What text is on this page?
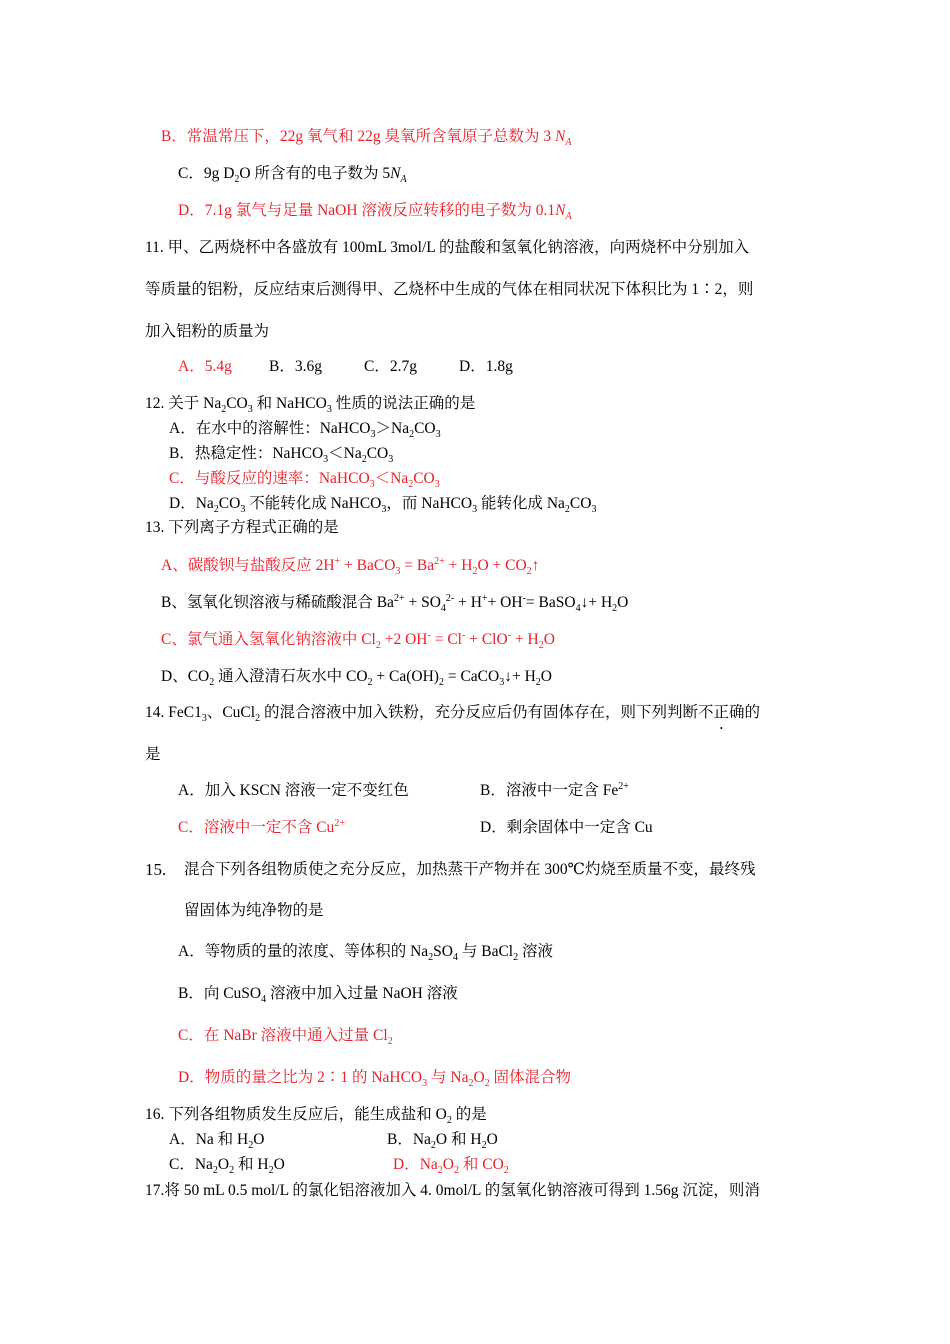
B．常温常压下，22g 氧气和 22g 臭氧所含氧原子总数为 3 $N_A$
C．9g $D_2O$ 所含有的电子数为 $5N_A$
D．7.1g 氯气与足量 NaOH 溶液反应转移的电子数为 $0.1N_A$
11. 甲、乙两烧杯中各盛放有 100mL 3mol/L 的盐酸和氢氧化钠溶液，向两烧杯中分别加入
等质量的铝粉，反应结束后测得甲、乙烧杯中生成的气体在相同状况下体积比为 1∶2，则
加入铝粉的质量为
A．5.4g B．3.6g	C．2.7g	D．1.8g
12. 关于 $Na_2CO_3$ 和 NaHCO$_3$ 性质的说法正确的是
A．在水中的溶解性：$NaHCO_3>Na_2CO_3$
B．热稳定性：$NaHCO_3<Na_2CO_3$
C．与酸反应的速率：$NaHCO_3<Na_2CO_3$
D．$Na_2CO_3$ 不能转化成 NaHCO$_3$，而 NaHCO$_3$ 能转化成 $Na_2CO_3$
13. 下列离子方程式正确的是
A、碳酸钡与盐酸反应 2H+ + BaCO$_3$ = $Ba^{2+} + H_2O$ + $CO_2↑$
B、氢氧化钡溶液与稀硫酸混合 $Ba^{2+} + SO_4^{2-} + H^++ OH^-=$ BaSO$_4$↓+ $H_2O$
C、氯气通入氢氧化钠溶液中 $Cl_2 +2$ $OH^- = Cl^- + ClO^- + H_2O$
D、$CO_2$ 通入澄清石灰水中 $CO_2 + Ca(OH)_2$ = CaCO$_3$↓+ $H_2O$
14. $FeC1_3$、CuCl$_2$ 的混合溶液中加入铁粉，充分反应后仍有固体存在，则下列判断不正确的
是
A．加入 KSCN 溶液一定不变红色	B．溶液中一定含 $Fe^{2+}$
C．溶液中一定不含 $Cu^{2+}$	D．剩余固体中一定含 Cu
15. 混合下列各组物质使之充分反应，加热蒸干产物并在 300℃灼烧至质量不变，最终残
留固体为纯净物的是
A．等物质的量的浓度、等体积的 $Na_2SO_4$ 与 BaCl$_2$ 溶液
B．向 CuSO$_4$ 溶液中加入过量 NaOH 溶液
C．在 NaBr 溶液中通入过量 $Cl_2$
D．物质的量之比为 2∶1 的 NaHCO$_3$ 与 $Na_2O_2$ 固体混合物
16. 下列各组物质发生反应后，能生成盐和 $O_2$ 的是
A．Na 和 $H_2O$	B．$Na_2O$ 和 $H_2O$
C．$Na_2O_2$ 和 $H_2O$	D．$Na_2O_2$ 和 $CO_2$
17.将 50 mL 0.5 mol/L 的氯化铝溶液加入 4. 0mol/L 的氢氧化钠溶液可得到 1.56g 沉淀，则消
